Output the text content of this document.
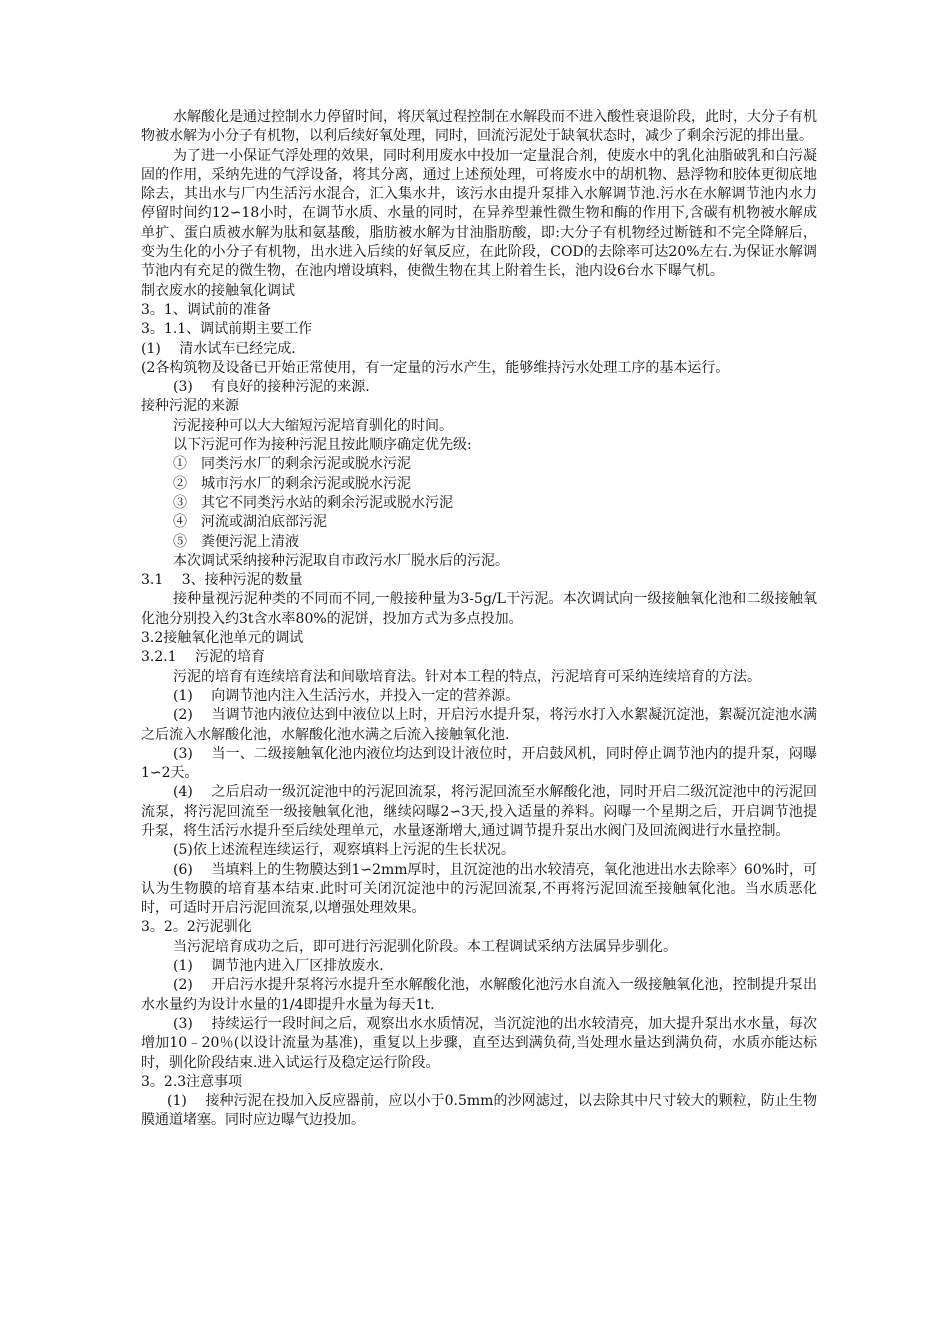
水解酸化是通过控制水力停留时间，将厌氧过程控制在水解段而不进入酸性衰退阶段，此时，大分子有机物被水解为小分子有机物，以利后续好氧处理，同时，回流污泥处于缺氧状态时，减少了剩余污泥的排出量。

为了进一小保证气浮处理的效果，同时利用废水中投加一定量混合剂，使废水中的乳化油脂破乳和白污凝固的作用，采纳先进的气浮设备，将其分离，通过上述预处理，可将废水中的胡机物、悬浮物和胶体更彻底地除去，其出水与厂内生活污水混合，汇入集水井，该污水由提升泵排入水解调节池.污水在水解调节池内水力停留时间约12∽18小时，在调节水质、水量的同时，在异养型兼性微生物和酶的作用下,含碳有机物被水解成单扩、蛋白质被水解为肽和氨基酸，脂肪被水解为甘油脂肪酸，即:大分子有机物经过断链和不完全降解后，变为生化的小分子有机物，出水进入后续的好氧反应，在此阶段，COD的去除率可达20%左右.为保证水解调节池内有充足的微生物，在池内增设填料，使微生物在其上附着生长，池内设6台水下曝气机。

制衣废水的接触氧化调试

3。1、调试前的准备

3。1.1、调试前期主要工作

(1)　 清水试车已经完成.

(2各构筑物及设备已开始正常使用，有一定量的污水产生，能够维持污水处理工序的基本运行。

(3)　 有良好的接种污泥的来源.

接种污泥的来源

污泥接种可以大大缩短污泥培育驯化的时间。

以下污泥可作为接种污泥且按此顺序确定优先级:

①　同类污水厂的剩余污泥或脱水污泥

②　城市污水厂的剩余污泥或脱水污泥

③　其它不同类污水站的剩余污泥或脱水污泥

④　河流或湖泊底部污泥

⑤　粪便污泥上清液

本次调试采纳接种污泥取自市政污水厂脱水后的污泥。

3.1　 3、接种污泥的数量

接种量视污泥种类的不同而不同,一般接种量为3-5g/L干污泥。本次调试向一级接触氧化池和二级接触氧化池分别投入约3t含水率80%的泥饼，投加方式为多点投加。

3.2接触氧化池单元的调试

3.2.1　 污泥的培育

污泥的培育有连续培育法和间歇培育法。针对本工程的特点，污泥培育可采纳连续培育的方法。

(1)　 向调节池内注入生活污水，并投入一定的营养源。

(2)　 当调节池内液位达到中液位以上时，开启污水提升泵，将污水打入水絮凝沉淀池，絮凝沉淀池水满之后流入水解酸化池，水解酸化池水满之后流入接触氧化池.

(3)　 当一、二级接触氧化池内液位均达到设计液位时，开启鼓风机，同时停止调节池内的提升泵，闷曝1∽2天。

(4)　 之后启动一级沉淀池中的污泥回流泵，将污泥回流至水解酸化池，同时开启二级沉淀池中的污泥回流泵，将污泥回流至一级接触氧化池，继续闷曝2∽3天,投入适量的养料。闷曝一个星期之后，开启调节池提升泵，将生活污水提升至后续处理单元，水量逐渐增大,通过调节提升泵出水阀门及回流阀进行水量控制。

(5)依上述流程连续运行，观察填料上污泥的生长状况。

(6)　 当填料上的生物膜达到1∽2mm厚时，且沉淀池的出水较清亮，氧化池进出水去除率〉60%时，可认为生物膜的培育基本结束.此时可关闭沉淀池中的污泥回流泵,不再将污泥回流至接触氧化池。当水质恶化时，可适时开启污泥回流泵,以增强处理效果。

3。2。2污泥驯化

当污泥培育成功之后，即可进行污泥驯化阶段。本工程调试采纳方法属异步驯化。

(1)　 调节池内进入厂区排放废水.

(2)　 开启污水提升泵将污水提升至水解酸化池，水解酸化池污水自流入一级接触氧化池，控制提升泵出水水量约为设计水量的1/4即提升水量为每天1t.

(3)　 持续运行一段时间之后，观察出水水质情况，当沉淀池的出水较清亮，加大提升泵出水水量，每次增加10﹣20％(以设计流量为基准)，重复以上步骤，直至达到满负荷,当处理水量达到满负荷，水质亦能达标时，驯化阶段结束.进入试运行及稳定运行阶段。

3。2.3注意事项

(1)　 接种污泥在投加入反应器前，应以小于0.5mm的沙网滤过，以去除其中尺寸较大的颗粒，防止生物膜通道堵塞。同时应边曝气边投加。
